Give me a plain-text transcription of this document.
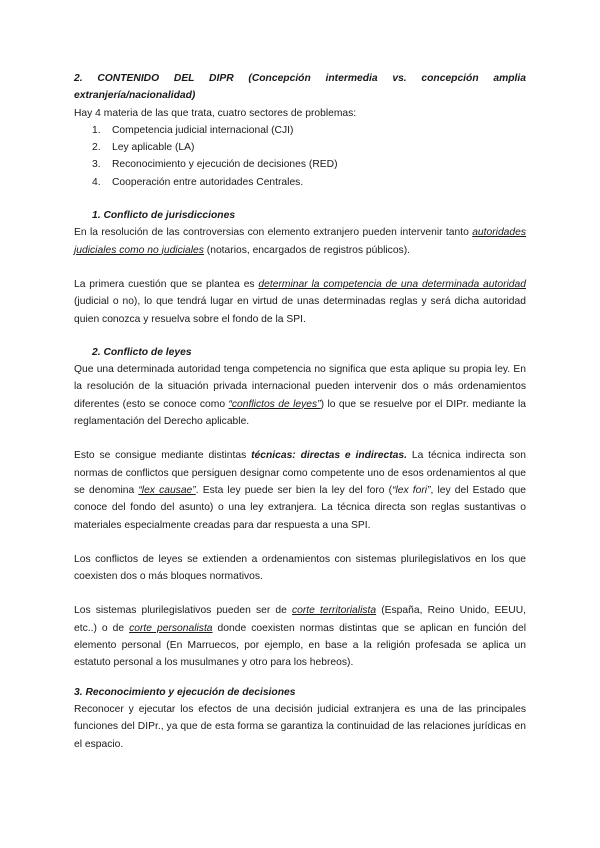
2. CONTENIDO DEL DIPR (Concepción intermedia vs. concepción amplia

extranjería/nacionalidad)

Hay 4 materia de las que trata, cuatro sectores de problemas:

1.	Competencia judicial internacional (CJI)
2.	Ley aplicable (LA)
3.	Reconocimiento y ejecución de decisiones (RED)
4.	Cooperación entre autoridades Centrales.

1. Conflicto de jurisdicciones

En la resolución de las controversias con elemento extranjero pueden intervenir tanto autoridades judiciales como no judiciales (notarios, encargados de registros públicos).

La primera cuestión que se plantea es determinar la competencia de una determinada autoridad (judicial o no), lo que tendrá lugar en virtud de unas determinadas reglas y será dicha autoridad quien conozca y resuelva sobre el fondo de la SPI.

2. Conflicto de leyes

Que una determinada autoridad tenga competencia no significa que esta aplique su propia ley. En la resolución de la situación privada internacional pueden intervenir dos o más ordenamientos diferentes (esto se conoce como “conflictos de leyes”) lo que se resuelve por el DIPr. mediante la reglamentación del Derecho aplicable.

Esto se consigue mediante distintas técnicas: directas e indirectas. La técnica indirecta son normas de conflictos que persiguen designar como competente uno de esos ordenamientos al que se denomina “lex causae”. Esta ley puede ser bien la ley del foro (“lex fori”, ley del Estado que conoce del fondo del asunto) o una ley extranjera. La técnica directa son reglas sustantivas o materiales especialmente creadas para dar respuesta a una SPI.

Los conflictos de leyes se extienden a ordenamientos con sistemas plurilegislativos en los que coexisten dos o más bloques normativos.

Los sistemas plurilegislativos pueden ser de corte territorialista (España, Reino Unido, EEUU, etc..) o de corte personalista donde coexisten normas distintas que se aplican en función del elemento personal (En Marruecos, por ejemplo, en base a la religión profesada se aplica un estatuto personal a los musulmanes y otro para los hebreos).

3. Reconocimiento y ejecución de decisiones

Reconocer y ejecutar los efectos de una decisión judicial extranjera es una de las principales funciones del DIPr., ya que de esta forma se garantiza la continuidad de las relaciones jurídicas en el espacio.
